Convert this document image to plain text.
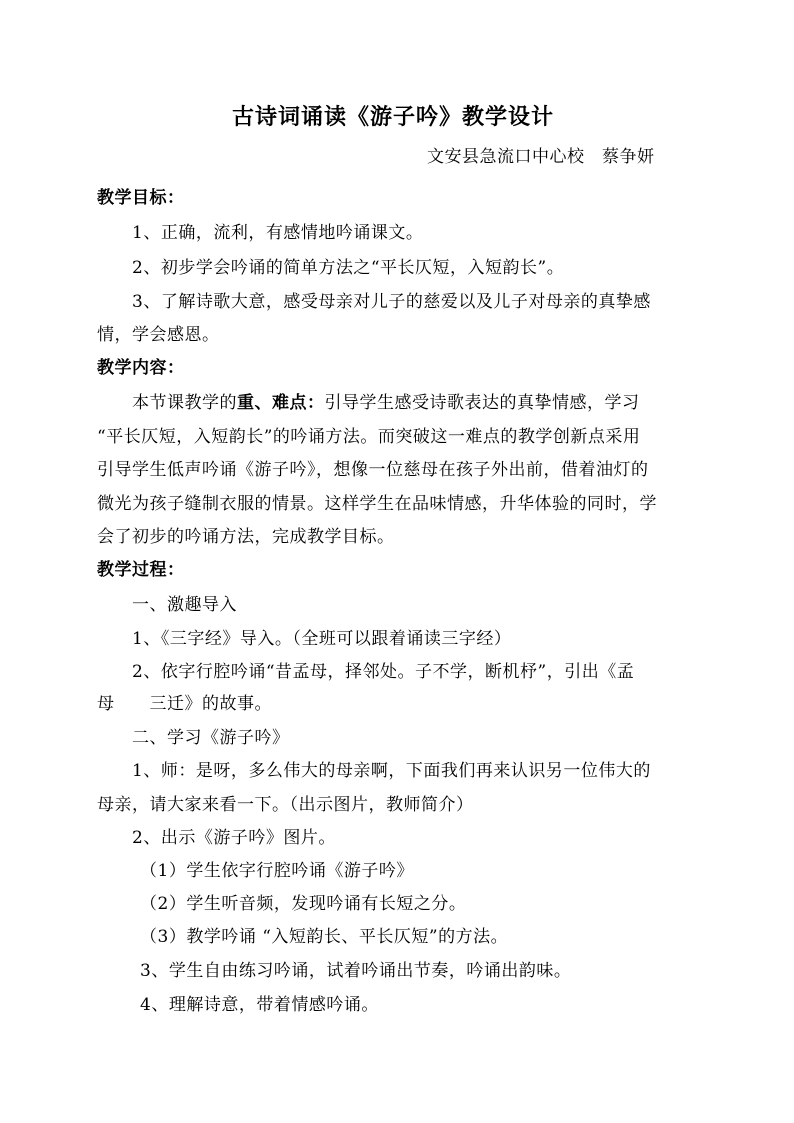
古诗词诵读《游子吟》教学设计
文安县急流口中心校　蔡争妍
教学目标：
1、正确，流利，有感情地吟诵课文。
2、初步学会吟诵的简单方法之“平长仄短，入短韵长”。
3、了解诗歌大意，感受母亲对儿子的慈爱以及儿子对母亲的真挚感
情，学会感恩。
教学内容：
本节课教学的重、难点：引导学生感受诗歌表达的真挚情感，学习
“平长仄短，入短韵长”的吟诵方法。而突破这一难点的教学创新点采用
引导学生低声吟诵《游子吟》，想像一位慈母在孩子外出前，借着油灯的
微光为孩子缝制衣服的情景。这样学生在品味情感，升华体验的同时，学
会了初步的吟诵方法，完成教学目标。
教学过程：
一、激趣导入
1、《三字经》导入。（全班可以跟着诵读三字经）
2、依字行腔吟诵“昔孟母，择邻处。子不学，断机杼”，引出《孟
母　　三迁》的故事。
二、学习《游子吟》
1、师：是呀，多么伟大的母亲啊，下面我们再来认识另一位伟大的
母亲，请大家来看一下。（出示图片，教师简介）
2、出示《游子吟》图片。
（1）学生依字行腔吟诵《游子吟》
（2）学生听音频，发现吟诵有长短之分。
（3）教学吟诵 “入短韵长、平长仄短”的方法。
3、学生自由练习吟诵，试着吟诵出节奏，吟诵出韵味。
4、理解诗意，带着情感吟诵。
